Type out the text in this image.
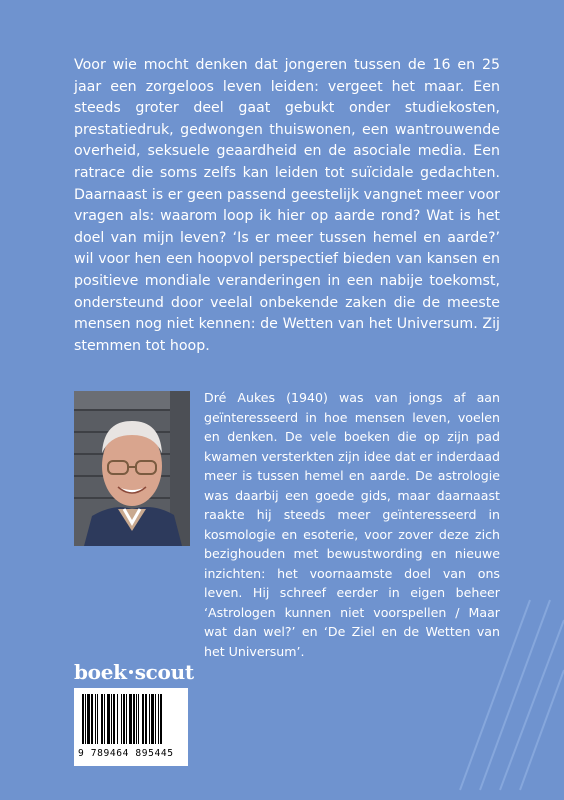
Voor wie mocht denken dat jongeren tussen de 16 en 25 jaar een zorgeloos leven leiden: vergeet het maar. Een steeds groter deel gaat gebukt onder studiekosten, prestatiedruk, gedwongen thuiswonen, een wantrouwende overheid, seksuele geaardheid en de asociale media. Een ratrace die soms zelfs kan leiden tot suïcidale gedachten. Daarnaast is er geen passend geestelijk vangnet meer voor vragen als: waarom loop ik hier op aarde rond? Wat is het doel van mijn leven? ‘Is er meer tussen hemel en aarde?’ wil voor hen een hoopvol perspectief bieden van kansen en positieve mondiale veranderingen in een nabije toekomst, ondersteund door veelal onbekende zaken die de meeste mensen nog niet kennen: de Wetten van het Universum. Zij stemmen tot hoop.

Dré Aukes (1940) was van jongs af aan geïnteresseerd in hoe mensen leven, voelen en denken. De vele boeken die op zijn pad kwamen versterkten zijn idee dat er inderdaad meer is tussen hemel en aarde. De astrologie was daarbij een goede gids, maar daarnaast raakte hij steeds meer geïnteresseerd in kosmologie en esoterie, voor zover deze zich bezighouden met bewustwording en nieuwe inzichten: het voornaamste doel van ons leven. Hij schreef eerder in eigen beheer ‘Astrologen kunnen niet voorspellen / Maar wat dan wel?’ en ‘De Ziel en de Wetten van het Universum’.

boek scout
9 789464 895445
